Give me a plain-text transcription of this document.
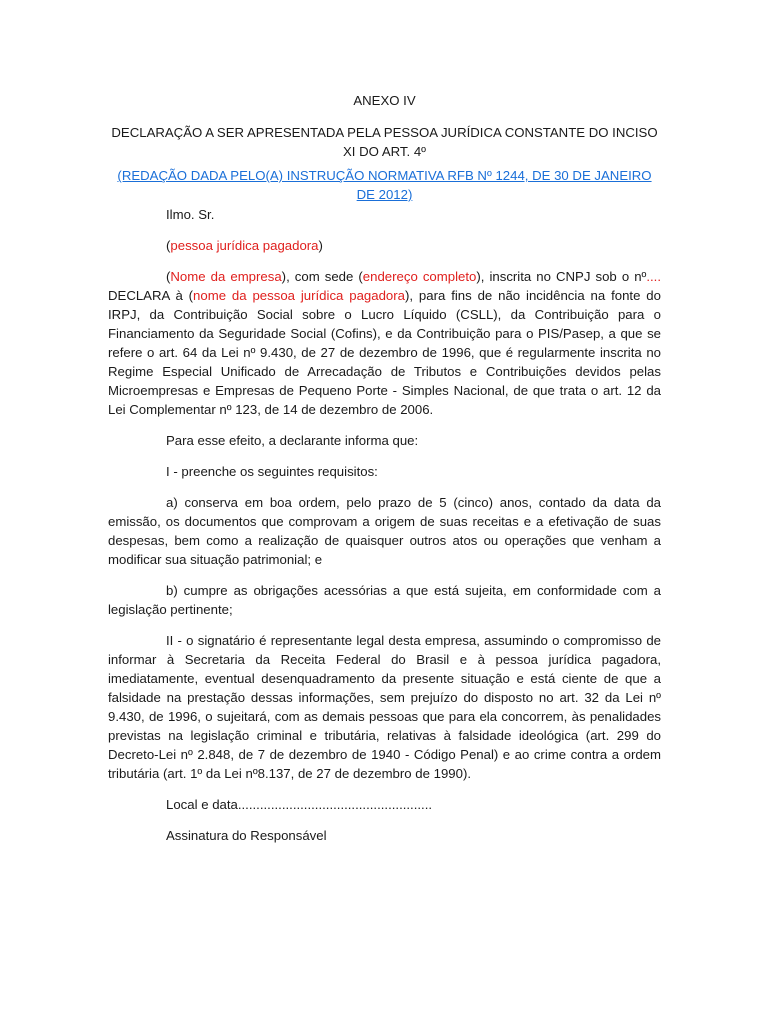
ANEXO IV

DECLARAÇÃO A SER APRESENTADA PELA PESSOA JURÍDICA CONSTANTE DO INCISO XI DO ART. 4º

(REDAÇÃO DADA PELO(A) INSTRUÇÃO NORMATIVA RFB Nº 1244, DE 30 DE JANEIRO DE 2012)

Ilmo. Sr.

(pessoa jurídica pagadora)

(Nome da empresa), com sede (endereço completo), inscrita no CNPJ sob o nº.... DECLARA à (nome da pessoa jurídica pagadora), para fins de não incidência na fonte do IRPJ, da Contribuição Social sobre o Lucro Líquido (CSLL), da Contribuição para o Financiamento da Seguridade Social (Cofins), e da Contribuição para o PIS/Pasep, a que se refere o art. 64 da Lei nº 9.430, de 27 de dezembro de 1996, que é regularmente inscrita no Regime Especial Unificado de Arrecadação de Tributos e Contribuições devidos pelas Microempresas e Empresas de Pequeno Porte - Simples Nacional, de que trata o art. 12 da Lei Complementar nº 123, de 14 de dezembro de 2006.

Para esse efeito, a declarante informa que:

I - preenche os seguintes requisitos:

a) conserva em boa ordem, pelo prazo de 5 (cinco) anos, contado da data da emissão, os documentos que comprovam a origem de suas receitas e a efetivação de suas despesas, bem como a realização de quaisquer outros atos ou operações que venham a modificar sua situação patrimonial; e

b) cumpre as obrigações acessórias a que está sujeita, em conformidade com a legislação pertinente;

II - o signatário é representante legal desta empresa, assumindo o compromisso de informar à Secretaria da Receita Federal do Brasil e à pessoa jurídica pagadora, imediatamente, eventual desenquadramento da presente situação e está ciente de que a falsidade na prestação dessas informações, sem prejuízo do disposto no art. 32 da Lei nº 9.430, de 1996, o sujeitará, com as demais pessoas que para ela concorrem, às penalidades previstas na legislação criminal e tributária, relativas à falsidade ideológica (art. 299 do Decreto-Lei nº 2.848, de 7 de dezembro de 1940 - Código Penal) e ao crime contra a ordem tributária (art. 1º da Lei nº8.137, de 27 de dezembro de 1990).

Local e data.....................................................

Assinatura do Responsável
